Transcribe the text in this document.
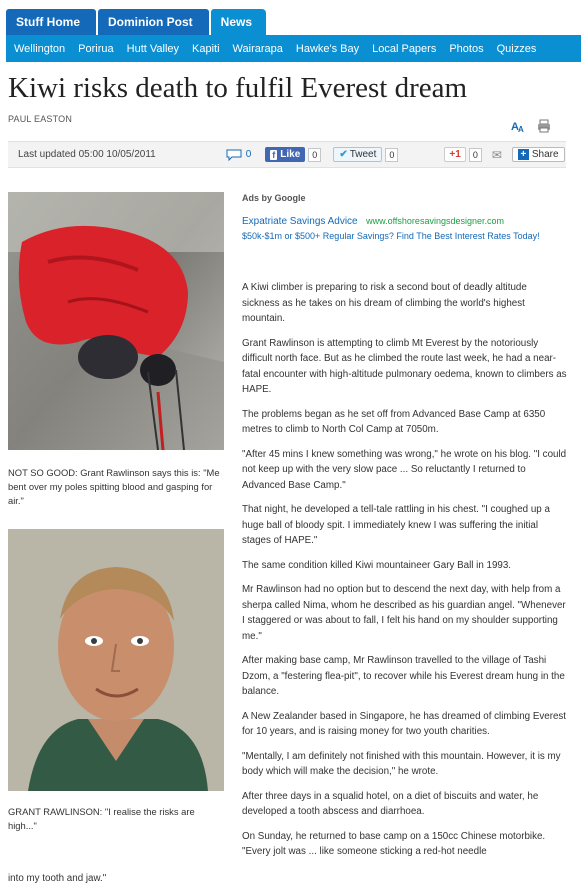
Stuff Home	Dominion Post	News
Wellington Porirua Hutt Valley Kapiti Wairarapa Hawke's Bay Local Papers Photos Quizzes
Kiwi risks death to fulfil Everest dream
PAUL EASTON
A A
Last updated 05:00 10/05/2011	0 f Like	0	✔ Tweet	0	+1	0	✉ + Share
NOT SO GOOD: Grant Rawlinson says this is: "Me bent over my poles spitting blood and gasping for air."
GRANT RAWLINSON: "I realise the risks are high..."
Ads by Google
Expatriate Savings Advice www.offshoresavingsdesigner.com
$50k-$1m or $500+ Regular Savings? Find The Best Interest Rates Today!

A Kiwi climber is preparing to risk a second bout of deadly altitude sickness as he takes on his dream of climbing the world's highest mountain.

Grant Rawlinson is attempting to climb Mt Everest by the notoriously difficult north face. But as he climbed the route last week, he had a near-fatal encounter with high-altitude pulmonary oedema, known to climbers as HAPE.

The problems began as he set off from Advanced Base Camp at 6350 metres to climb to North Col Camp at 7050m.

"After 45 mins I knew something was wrong," he wrote on his blog. "I could not keep up with the very slow pace ... So reluctantly I returned to Advanced Base Camp."

That night, he developed a tell-tale rattling in his chest. "I coughed up a huge ball of bloody spit. I immediately knew I was suffering the initial stages of HAPE."

The same condition killed Kiwi mountaineer Gary Ball in 1993.

Mr Rawlinson had no option but to descend the next day, with help from a sherpa called Nima, whom he described as his guardian angel. "Whenever I staggered or was about to fall, I felt his hand on my shoulder supporting me."

After making base camp, Mr Rawlinson travelled to the village of Tashi Dzom, a "festering flea-pit", to recover while his Everest dream hung in the balance.

A New Zealander based in Singapore, he has dreamed of climbing Everest for 10 years, and is raising money for two youth charities.

"Mentally, I am definitely not finished with this mountain. However, it is my body which will make the decision," he wrote.

After three days in a squalid hotel, on a diet of biscuits and water, he developed a tooth abscess and diarrhoea.

On Sunday, he returned to base camp on a 150cc Chinese motorbike. "Every jolt was ... like someone sticking a red-hot needle

into my tooth and jaw."
